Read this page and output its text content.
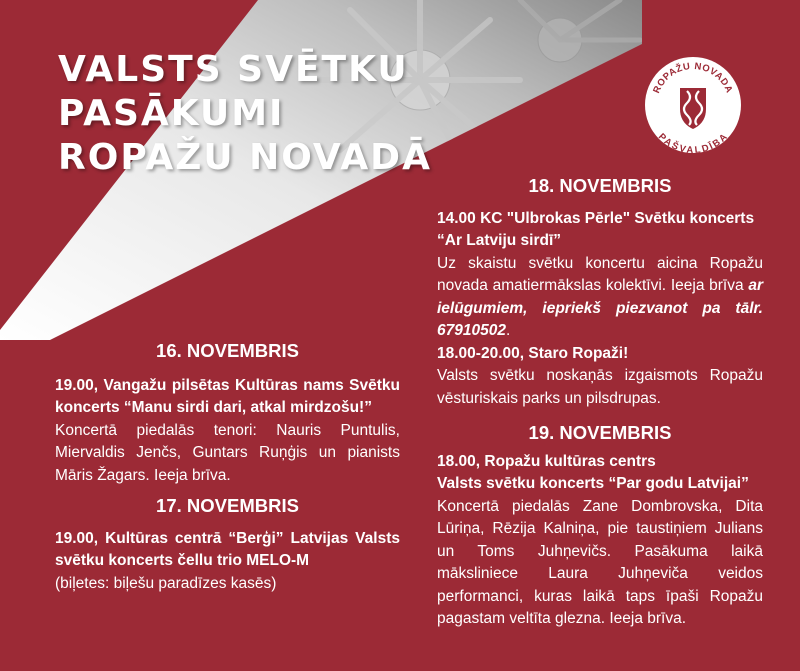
VALSTS SVĒTKU
PASĀKUMI
ROPAŽU NOVADĀ
ROPAŽU NOVADA
PAŠVALDĪBA
16. NOVEMBRIS
19.00, Vangažu pilsētas Kultūras nams Svētku koncerts “Manu sirdi dari, atkal mirdzošu!”
Koncertā piedalās tenori: Nauris Puntulis, Miervaldis Jenčs, Guntars Ruņģis un pianists Māris Žagars. Ieeja brīva.
17. NOVEMBRIS
19.00, Kultūras centrā “Berģi” Latvijas Valsts svētku koncerts čellu trio MELO-M
(biļetes: biļešu paradīzes kasēs)
18. NOVEMBRIS
14.00 KC "Ulbrokas Pērle" Svētku koncerts “Ar Latviju sirdī”
Uz skaistu svētku koncertu aicina Ropažu novada amatiermākslas kolektīvi. Ieeja brīva ar ielūgumiem, iepriekš piezvanot pa tālr. 67910502.
18.00-20.00, Staro Ropaži!
Valsts svētku noskaņās izgaismots Ropažu vēsturiskais parks un pilsdrupas.
19. NOVEMBRIS
18.00, Ropažu kultūras centrs
Valsts svētku koncerts “Par godu Latvijai”
Koncertā piedalās Zane Dombrovska, Dita Lūriņa, Rēzija Kalniņa, pie taustiņiem Julians un Toms Juhņevičs. Pasākuma laikā māksliniece Laura Juhņeviča veidos performanci, kuras laikā taps īpaši Ropažu pagastam veltīta glezna. Ieeja brīva.
